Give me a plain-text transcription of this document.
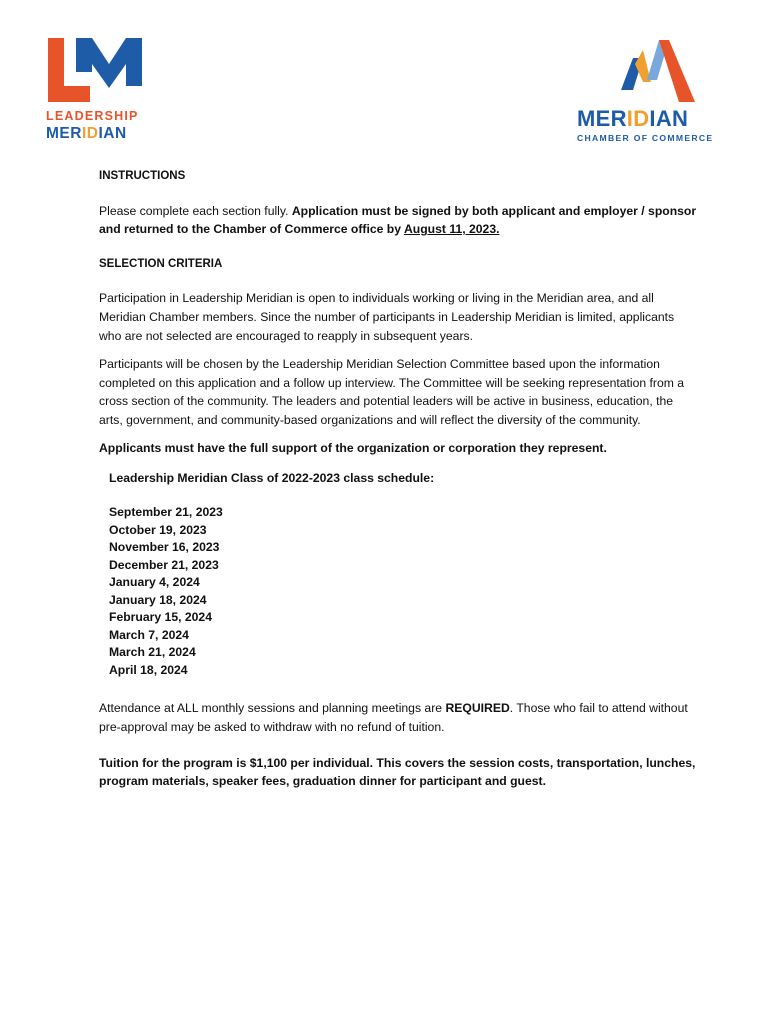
LEADERSHIP
MERIDIAN
MERIDIAN
CHAMBER OF COMMERCE

INSTRUCTIONS

Please complete each section fully. Application must be signed by both applicant and employer / sponsor and returned to the Chamber of Commerce office by August 11, 2023.

SELECTION CRITERIA

Participation in Leadership Meridian is open to individuals working or living in the Meridian area, and all Meridian Chamber members. Since the number of participants in Leadership Meridian is limited, applicants who are not selected are encouraged to reapply in subsequent years.

Participants will be chosen by the Leadership Meridian Selection Committee based upon the information completed on this application and a follow up interview. The Committee will be seeking representation from a cross section of the community. The leaders and potential leaders will be active in business, education, the arts, government, and community-based organizations and will reflect the diversity of the community.

Applicants must have the full support of the organization or corporation they represent.

Leadership Meridian Class of 2022-2023 class schedule:

September 21, 2023
October 19, 2023
November 16, 2023
December 21, 2023
January 4, 2024
January 18, 2024
February 15, 2024
March 7, 2024
March 21, 2024
April 18, 2024

Attendance at ALL monthly sessions and planning meetings are REQUIRED. Those who fail to attend without pre-approval may be asked to withdraw with no refund of tuition.

Tuition for the program is $1,100 per individual. This covers the session costs, transportation, lunches, program materials, speaker fees, graduation dinner for participant and guest.
